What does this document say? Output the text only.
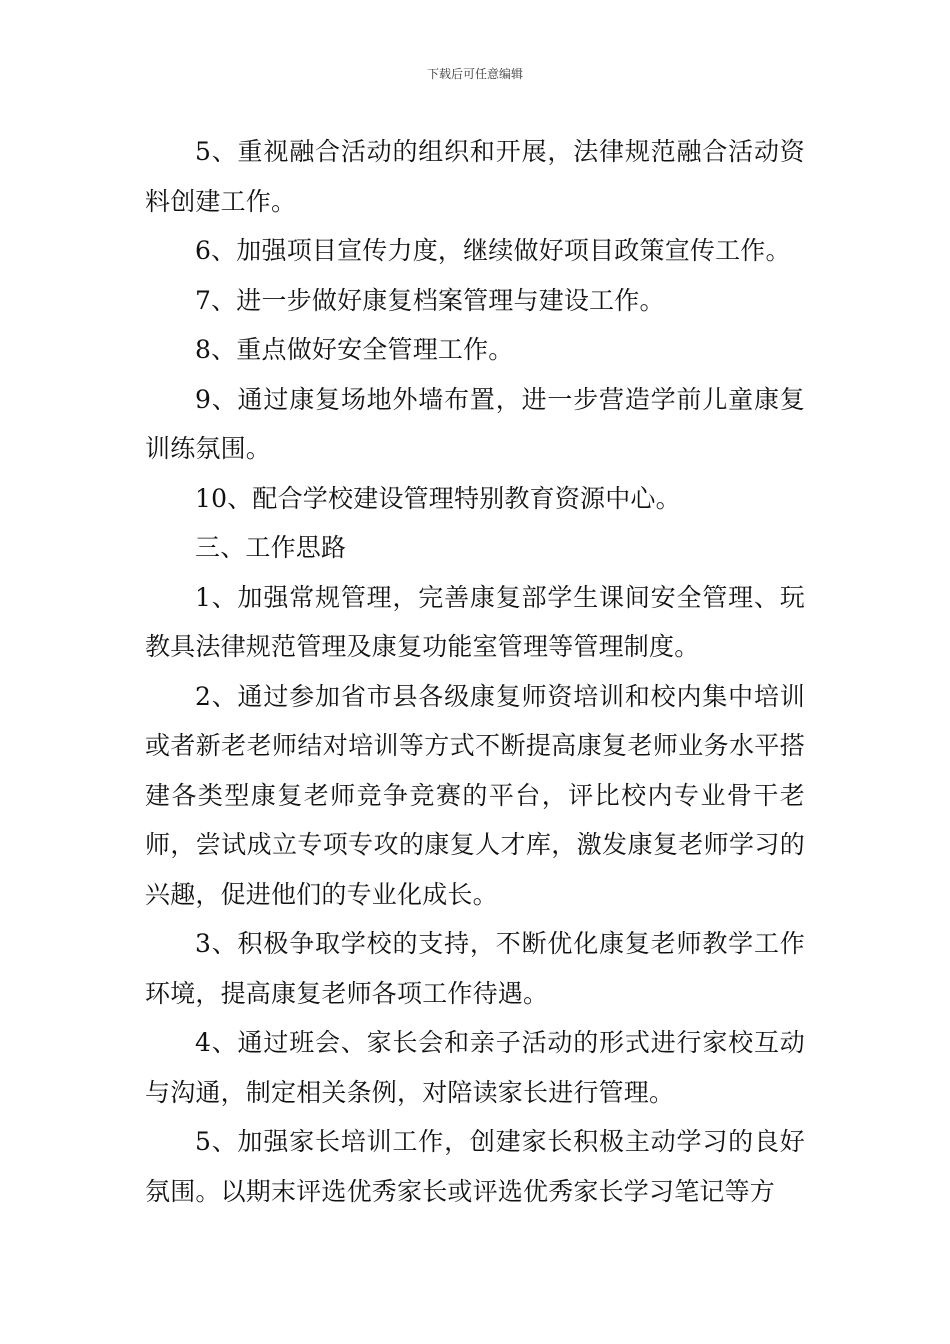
下载后可任意编辑

5、重视融合活动的组织和开展，法律规范融合活动资料创建工作。

6、加强项目宣传力度，继续做好项目政策宣传工作。

7、进一步做好康复档案管理与建设工作。

8、重点做好安全管理工作。

9、通过康复场地外墙布置，进一步营造学前儿童康复训练氛围。

10、配合学校建设管理特别教育资源中心。

三、工作思路

1、加强常规管理，完善康复部学生课间安全管理、玩教具法律规范管理及康复功能室管理等管理制度。

2、通过参加省市县各级康复师资培训和校内集中培训或者新老老师结对培训等方式不断提高康复老师业务水平搭建各类型康复老师竞争竞赛的平台，评比校内专业骨干老师，尝试成立专项专攻的康复人才库，激发康复老师学习的兴趣，促进他们的专业化成长。

3、积极争取学校的支持，不断优化康复老师教学工作环境，提高康复老师各项工作待遇。

4、通过班会、家长会和亲子活动的形式进行家校互动与沟通，制定相关条例，对陪读家长进行管理。

5、加强家长培训工作，创建家长积极主动学习的良好氛围。以期末评选优秀家长或评选优秀家长学习笔记等方
